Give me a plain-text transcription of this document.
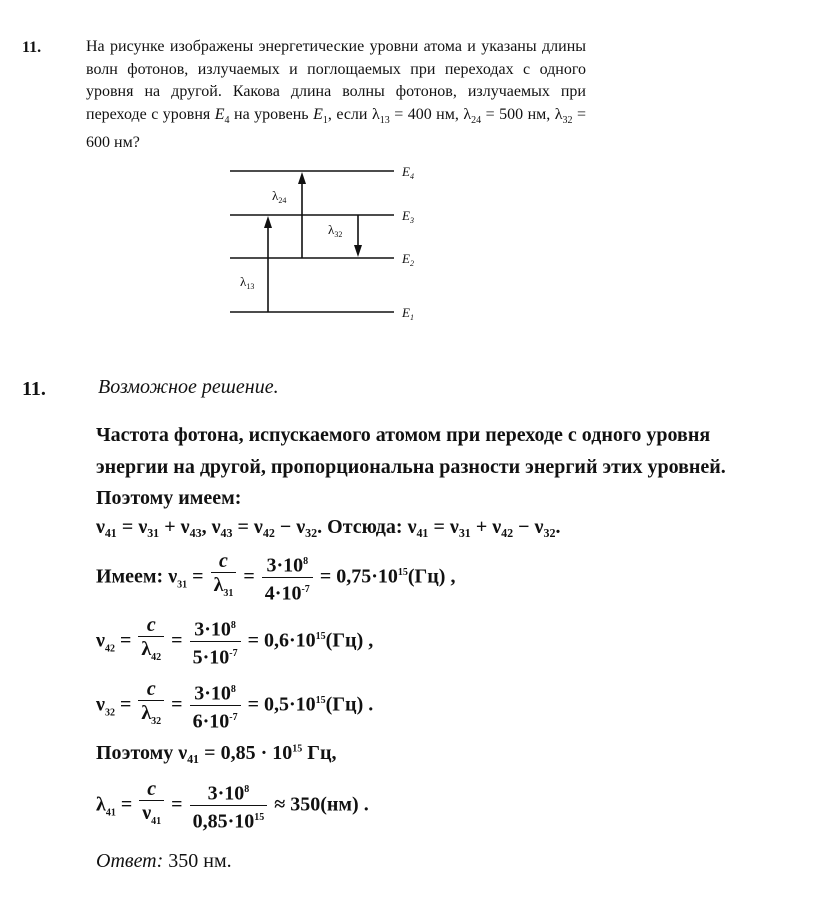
11.	На рисунке изображены энергетические уровни атома и указаны длины волн фотонов, излучаемых и поглощаемых при переходах с одного уровня на другой. Какова длина волны фотонов, излучаемых при переходе с уровня $E_4$ на уровень $E_1$, если $\lambda_{13} = 400$ нм, $\lambda_{24} = 500$ нм, $\lambda_{32} = 600$ нм?
$E_4$
$E_3$
$E_2$
$E_1$
$\lambda_{24}$
$\lambda_{32}$
$\lambda_{13}$
11.	Возможное решение.
Частота фотона, испускаемого атомом при переходе с одного уровня энергии на другой, пропорциональна разности энергий этих уровней. Поэтому имеем:
ν₄₁ = ν₃₁ + ν₄₃, ν₄₃ = ν₄₂ − ν₃₂. Отсюда: ν₄₁ = ν₃₁ + ν₄₂ − ν₃₂.
Имеем: $\nu_{31} = \frac{c}{\lambda_{31}} = \frac{3\cdot 10^8}{4\cdot 10^{-7}} = 0,75\cdot 10^{15}(Гц)$ ,
$\nu_{42} = \frac{c}{\lambda_{42}} = \frac{3\cdot 10^8}{5\cdot 10^{-7}} = 0,6\cdot 10^{15}(Гц)$ ,
$\nu_{32} = \frac{c}{\lambda_{32}} = \frac{3\cdot 10^8}{6\cdot 10^{-7}} = 0,5\cdot 10^{15}(Гц)$ .
Поэтому $\nu_{41} = 0,85 \cdot 10^{15}$ Гц,
$\lambda_{41} = \frac{c}{\nu_{41}} = \frac{3\cdot 10^8}{0,85\cdot 10^{15}} \approx 350(нм)$ .
Ответ: 350 нм.
